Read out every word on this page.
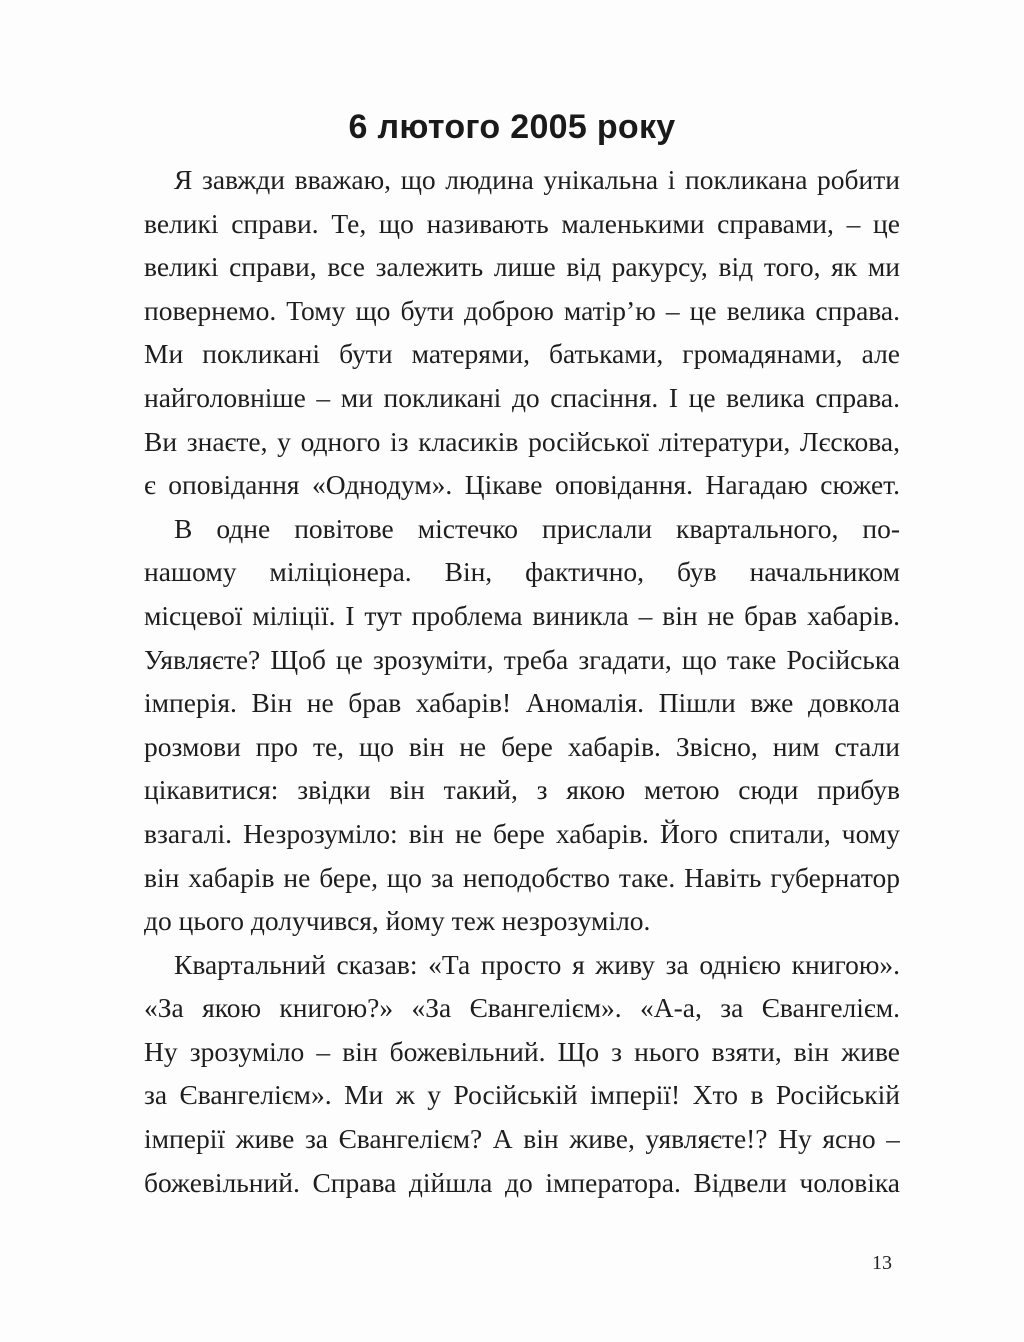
6 лютого 2005 року
Я завжди вважаю, що людина унікальна і покликана робити
великі справи. Те, що називають маленькими справами, – це
великі справи, все залежить лише від ракурсу, від того, як ми
повернемо. Тому що бути доброю матір’ю – це велика справа.
Ми покликані бути матерями, батьками, громадянами, але
найголовніше – ми покликані до спасіння. І це велика справа.
Ви знаєте, у одного із класиків російської літератури, Лєскова,
є оповідання «Однодум». Цікаве оповідання. Нагадаю сюжет.
В одне повітове містечко прислали квартального, по-
нашому міліціонера. Він, фактично, був начальником
місцевої міліції. І тут проблема виникла – він не брав хабарів.
Уявляєте? Щоб це зрозуміти, треба згадати, що таке Російська
імперія. Він не брав хабарів! Аномалія. Пішли вже довкола
розмови про те, що він не бере хабарів. Звісно, ним стали
цікавитися: звідки він такий, з якою метою сюди прибув
взагалі. Незрозуміло: він не бере хабарів. Його спитали, чому
він хабарів не бере, що за неподобство таке. Навіть губернатор
до цього долучився, йому теж незрозуміло.
Квартальний сказав: «Та просто я живу за однією книгою».
«За якою книгою?» «За Євангелієм». «А-а, за Євангелієм.
Ну зрозуміло – він божевільний. Що з нього взяти, він живе
за Євангелієм». Ми ж у Російській імперії! Хто в Російській
імперії живе за Євангелієм? А він живе, уявляєте!? Ну ясно –
божевільний. Справа дійшла до імператора. Відвели чоловіка
13
